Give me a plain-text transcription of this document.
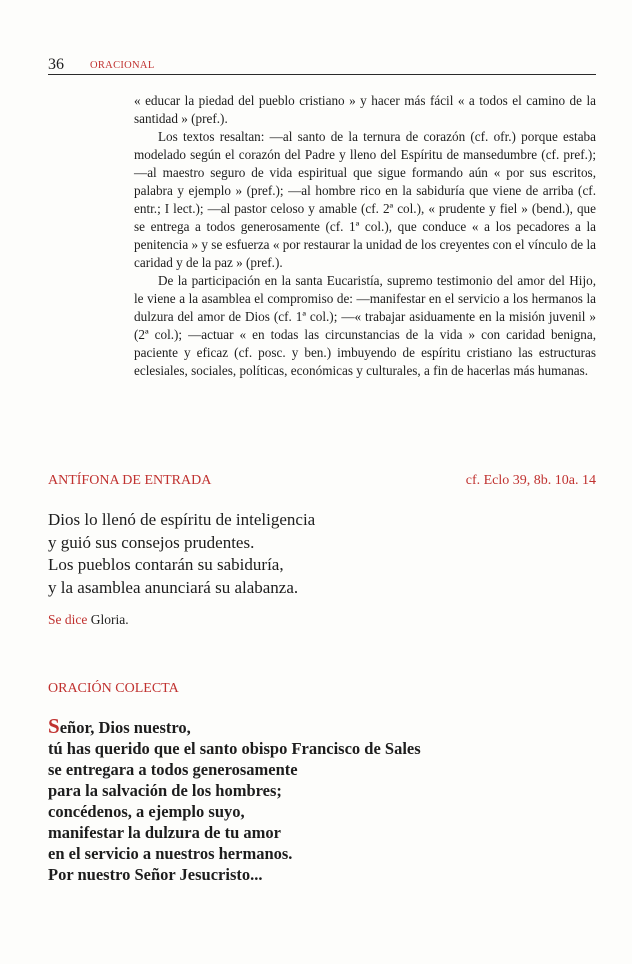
36 ORACIONAL

« educar la piedad del pueblo cristiano » y hacer más fácil « a todos el camino de la santidad » (pref.).

Los textos resaltan: —al santo de la ternura de corazón (cf. ofr.) porque estaba modelado según el corazón del Padre y lleno del Espíritu de mansedumbre (cf. pref.); —al maestro seguro de vida espiritual que sigue formando aún « por sus escritos, palabra y ejemplo » (pref.); —al hombre rico en la sabiduría que viene de arriba (cf. entr.; I lect.); —al pastor celoso y amable (cf. 2ª col.), « prudente y fiel » (bend.), que se entrega a todos generosamente (cf. 1ª col.), que conduce « a los pecadores a la penitencia » y se esfuerza « por restaurar la unidad de los creyentes con el vínculo de la caridad y de la paz » (pref.).

De la participación en la santa Eucaristía, supremo testimonio del amor del Hijo, le viene a la asamblea el compromiso de: —manifestar en el servicio a los hermanos la dulzura del amor de Dios (cf. 1ª col.); —« trabajar asiduamente en la misión juvenil » (2ª col.); —actuar « en todas las circunstancias de la vida » con caridad benigna, paciente y eficaz (cf. posc. y ben.) imbuyendo de espíritu cristiano las estructuras eclesiales, sociales, políticas, económicas y culturales, a fin de hacerlas más humanas.

ANTÍFONA DE ENTRADA	cf. Eclo 39, 8b. 10a. 14
Dios lo llenó de espíritu de inteligencia
y guió sus consejos prudentes.
Los pueblos contarán su sabiduría,
y la asamblea anunciará su alabanza.
Se dice Gloria.
ORACIÓN COLECTA
Señor, Dios nuestro,
tú has querido que el santo obispo Francisco de Sales
se entregara a todos generosamente
para la salvación de los hombres;
concédenos, a ejemplo suyo,
manifestar la dulzura de tu amor
en el servicio a nuestros hermanos.
Por nuestro Señor Jesucristo...
